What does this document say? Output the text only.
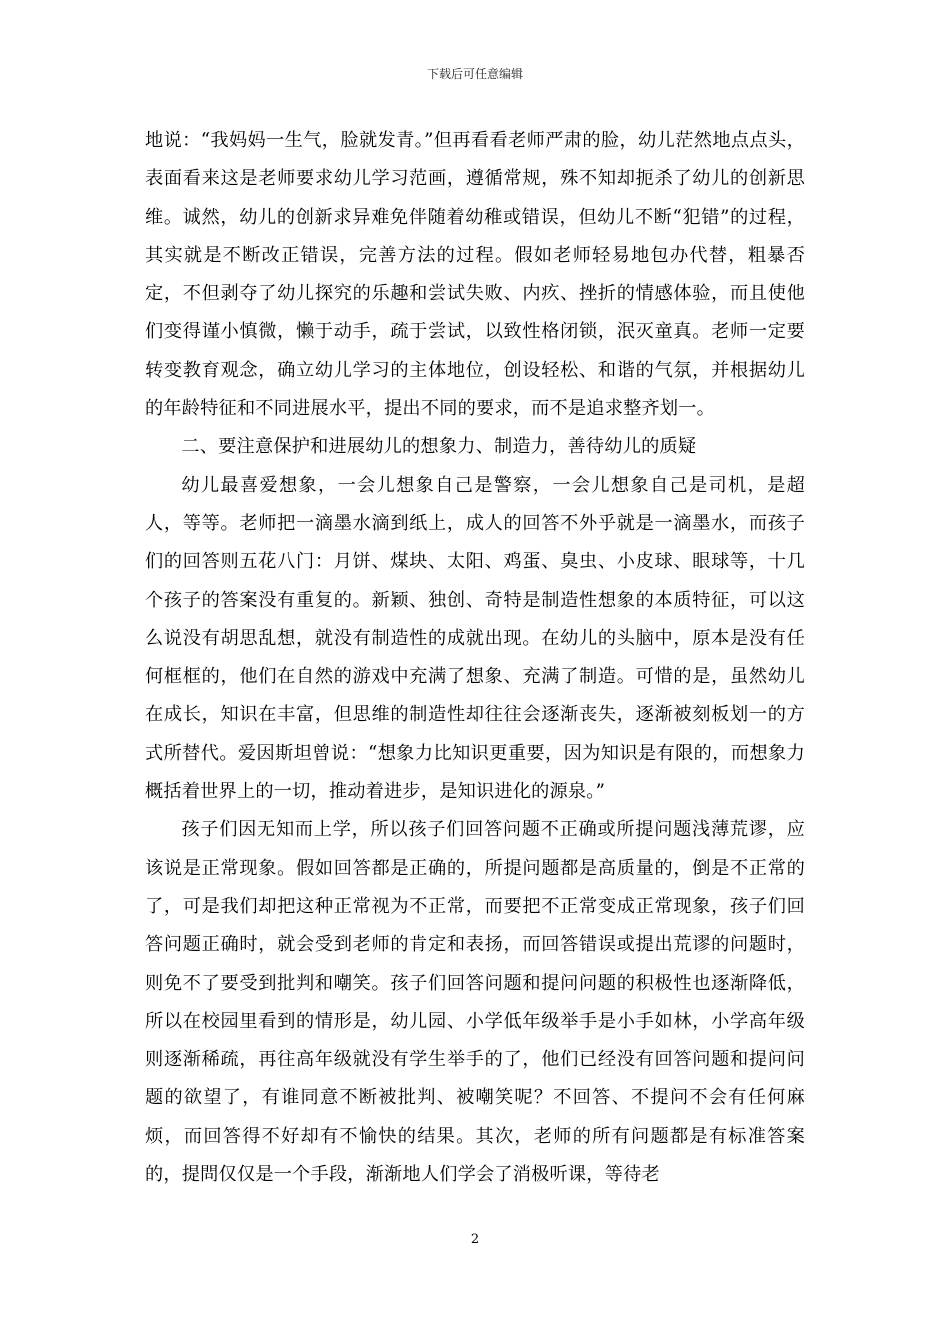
下载后可任意编辑

地说：“我妈妈一生气，脸就发青。”但再看看老师严肃的脸，幼儿茫然地点点头，表面看来这是老师要求幼儿学习范画，遵循常规，殊不知却扼杀了幼儿的创新思维。诚然，幼儿的创新求异难免伴随着幼稚或错误，但幼儿不断“犯错”的过程，其实就是不断改正错误，完善方法的过程。假如老师轻易地包办代替，粗暴否定，不但剥夺了幼儿探究的乐趣和尝试失败、内疚、挫折的情感体验，而且使他们变得谨小慎微，懒于动手，疏于尝试，以致性格闭锁，泯灭童真。老师一定要转变教育观念，确立幼儿学习的主体地位，创设轻松、和谐的气氛，并根据幼儿的年龄特征和不同进展水平，提出不同的要求，而不是追求整齐划一。

二、要注意保护和进展幼儿的想象力、制造力，善待幼儿的质疑

幼儿最喜爱想象，一会儿想象自己是警察，一会儿想象自己是司机，是超人，等等。老师把一滴墨水滴到纸上，成人的回答不外乎就是一滴墨水，而孩子们的回答则五花八门：月饼、煤块、太阳、鸡蛋、臭虫、小皮球、眼球等，十几个孩子的答案没有重复的。新颖、独创、奇特是制造性想象的本质特征，可以这么说没有胡思乱想，就没有制造性的成就出现。在幼儿的头脑中，原本是没有任何框框的，他们在自然的游戏中充满了想象、充满了制造。可惜的是，虽然幼儿在成长，知识在丰富，但思维的制造性却往往会逐渐丧失，逐渐被刻板划一的方式所替代。爱因斯坦曾说：“想象力比知识更重要，因为知识是有限的，而想象力概括着世界上的一切，推动着进步，是知识进化的源泉。”

孩子们因无知而上学，所以孩子们回答问题不正确或所提问题浅薄荒谬，应该说是正常现象。假如回答都是正确的，所提问题都是高质量的，倒是不正常的了，可是我们却把这种正常视为不正常，而要把不正常变成正常现象，孩子们回答问题正确时，就会受到老师的肯定和表扬，而回答错误或提出荒谬的问题时，则免不了要受到批判和嘲笑。孩子们回答问题和提问问题的积极性也逐渐降低，所以在校园里看到的情形是，幼儿园、小学低年级举手是小手如林，小学高年级则逐渐稀疏，再往高年级就没有学生举手的了，他们已经没有回答问题和提问问题的欲望了，有谁同意不断被批判、被嘲笑呢？不回答、不提问不会有任何麻烦，而回答得不好却有不愉快的结果。其次，老师的所有问题都是有标准答案的，提問仅仅是一个手段，渐渐地人们学会了消极听课，等待老

2
